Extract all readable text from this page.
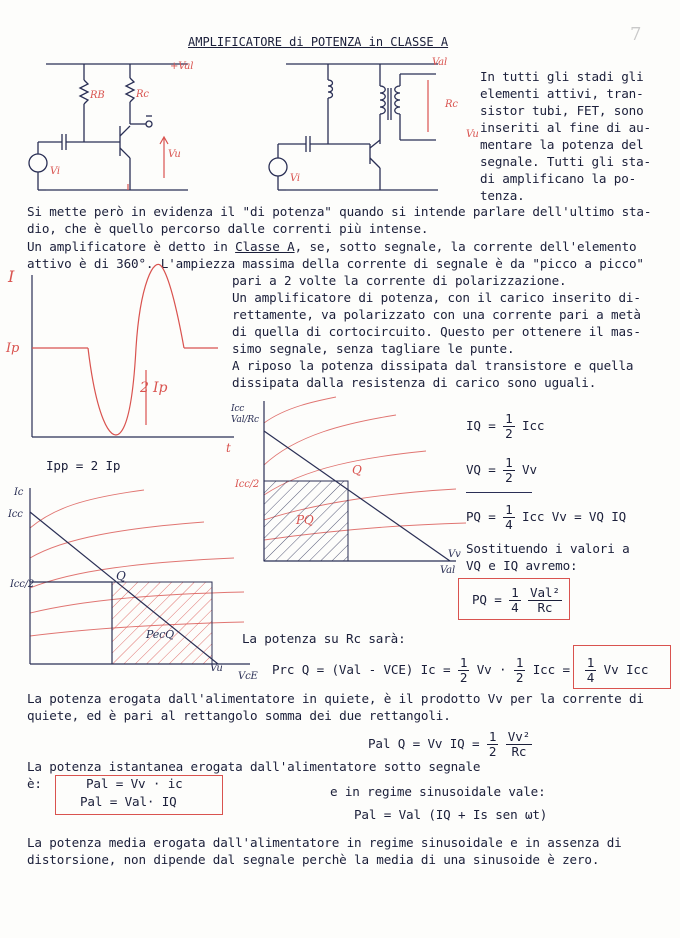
AMPLIFICATORE di POTENZA in CLASSE A	7
RB	Rc
+Val
Vi
Vu
Val
Rc
Vi
Vu
In tutti gli stadi gli
elementi attivi, tran-
sistor tubi, FET, sono
inseriti al fine di au-
mentare la potenza del
segnale. Tutti gli sta-
di amplificano la po-
tenza.
Si mette però in evidenza il "di potenza" quando si intende parlare dell'ultimo sta-
dio, che è quello percorso dalle correnti più intense.
Un amplificatore è detto in Classe A, se, sotto segnale, la corrente dell'elemento
attivo è di 360°. L'ampiezza massima della corrente di segnale è da "picco a picco"
pari a 2 volte la corrente di polarizzazione.
Un amplificatore di potenza, con il carico inserito di-
rettamente, va polarizzato con una corrente pari a metà
di quella di cortocircuito. Questo per ottenere il mas-
simo segnale, senza tagliare le punte.
A riposo la potenza dissipata dal transistore e quella
dissipata dalla resistenza di carico sono uguali.
I
Ip
2 Ip
t
Ipp = 2 Ip
Icc
Val/Rc
Icc/2
Q
PQ
Vv
Val
IQ = $\frac{1}{2}$ Icc
VQ = $\frac{1}{2}$ Vv
PQ = $\frac{1}{4}$ Icc Vv = VQ IQ
Sostituendo i valori a
VQ e IQ avremo:
PQ = $\frac{1}{4}$
$\frac{\text{Val²}}{Rc}$
Ic
Icc
Icc/2
Q
PecQ
Vu
VcE
La potenza su Rc sarà:
Prc Q = (Val - VCE) $Ic = \frac{1}{2}$ $Vv \cdot \frac{1}{2}$ Icc = $\frac{1}{4}$ Vv Icc
La potenza erogata dall'alimentatore in quiete, è il prodotto Vv per la corrente di
quiete, ed è pari al rettangolo somma dei due rettangoli.
Pal Q = Vv IQ = $\frac{1}{2}$
$\frac{\text{Vv²}}{Rc}$
La potenza istantanea erogata dall'alimentatore sotto segnale
è:	Pal = Vv · ic
Pal = Val· IQ
e in regime sinusoidale vale:
Pal = Val (IQ + Is sen ωt)
La potenza media erogata dall'alimentatore in regime sinusoidale e in assenza di
distorsione, non dipende dal segnale perchè la media di una sinusoide è zero.
